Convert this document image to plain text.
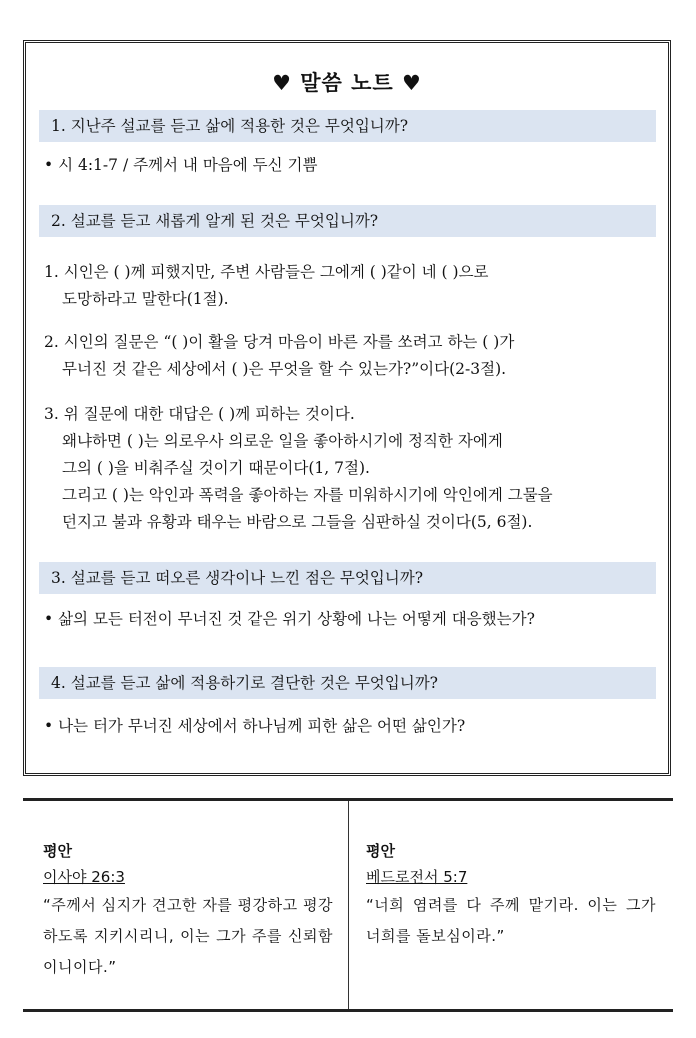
♥ 말씀 노트 ♥
1. 지난주 설교를 듣고 삶에 적용한 것은 무엇입니까?
• 시 4:1-7 / 주께서 내 마음에 두신 기쁨
2. 설교를 듣고 새롭게 알게 된 것은 무엇입니까?
1. 시인은 ( )께 피했지만, 주변 사람들은 그에게 ( )같이 네 ( )으로
도망하라고 말한다(1절).
2. 시인의 질문은 “( )이 활을 당겨 마음이 바른 자를 쏘려고 하는 ( )가
무너진 것 같은 세상에서 ( )은 무엇을 할 수 있는가?”이다(2-3절).
3. 위 질문에 대한 대답은 ( )께 피하는 것이다.
왜냐하면 ( )는 의로우사 의로운 일을 좋아하시기에 정직한 자에게
그의 ( )을 비춰주실 것이기 때문이다(1, 7절).
그리고 ( )는 악인과 폭력을 좋아하는 자를 미워하시기에 악인에게 그물을
던지고 불과 유황과 태우는 바람으로 그들을 심판하실 것이다(5, 6절).
3. 설교를 듣고 떠오른 생각이나 느낀 점은 무엇입니까?
• 삶의 모든 터전이 무너진 것 같은 위기 상황에 나는 어떻게 대응했는가?
4. 설교를 듣고 삶에 적용하기로 결단한 것은 무엇입니까?
• 나는 터가 무너진 세상에서 하나님께 피한 삶은 어떤 삶인가?
평안
이사야 26:3
“주께서 심지가 견고한 자를 평강하고 평강하도록 지키시리니, 이는 그가 주를 신뢰함이니이다.”
평안
베드로전서 5:7
“너희 염려를 다 주께 맡기라. 이는 그가 너희를 돌보심이라.”
